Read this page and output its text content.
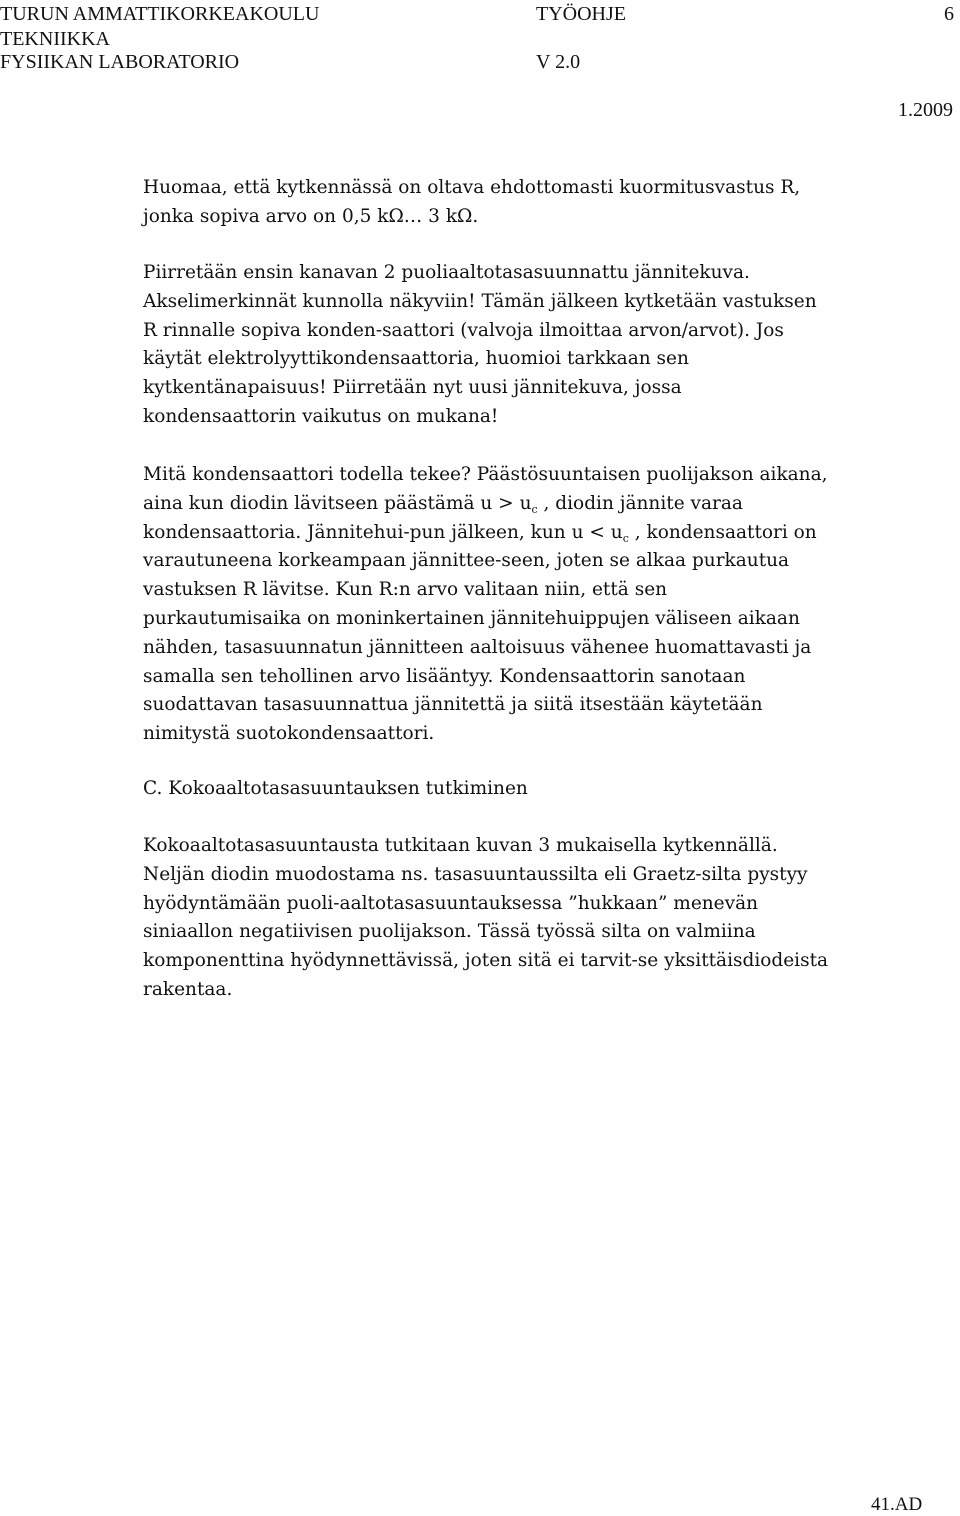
TURUN AMMATTIKORKEAKOULU
TEKNIIKKA
FYSIIKAN LABORATORIO
TYÖOHJE
V 2.0
6
1.2009
Huomaa, että kytkennässä on oltava ehdottomasti kuormitusvastus R,
jonka sopiva arvo on 0,5 kΩ… 3 kΩ.
Piirretään ensin kanavan 2 puoliaaltotasasuunnattu jännitekuva.
Akselimerkinnät kunnolla näkyviin! Tämän jälkeen kytketään vastuksen
R rinnalle sopiva konden-saattori (valvoja ilmoittaa arvon/arvot). Jos
käytät elektrolyyttikondensaattoria, huomioi tarkkaan sen
kytkentänapaisuus! Piirretään nyt uusi jännitekuva, jossa
kondensaattorin vaikutus on mukana!
Mitä kondensaattori todella tekee? Päästösuuntaisen puolijakson aikana,
aina kun diodin lävitseen päästämä $u > u_c$ , diodin jännite varaa
kondensaattoria. Jännitehui-pun jälkeen, kun $u < u_c$ , kondensaattori on
varautuneena korkeampaan jännittee-seen, joten se alkaa purkautua
vastuksen R lävitse. Kun R:n arvo valitaan niin, että sen
purkautumisaika on moninkertainen jännitehuippujen väliseen aikaan
nähden, tasasuunnatun jännitteen aaltoisuus vähenee huomattavasti ja
samalla sen tehollinen arvo lisääntyy. Kondensaattorin sanotaan
suodattavan tasasuunnattua jännitettä ja siitä itsestään käytetään
nimitystä suotokondensaattori.
C. Kokoaaltotasasuuntauksen tutkiminen
Kokoaaltotasasuuntausta tutkitaan kuvan 3 mukaisella kytkennällä.
Neljän diodin muodostama ns. tasasuuntaussilta eli Graetz-silta pystyy
hyödyntämään puoli-aaltotasasuuntauksessa ”hukkaan” menevän
siniaallon negatiivisen puolijakson. Tässä työssä silta on valmiina
komponenttina hyödynnettävissä, joten sitä ei tarvit-se yksittäisdiodeista
rakentaa.
41.AD
